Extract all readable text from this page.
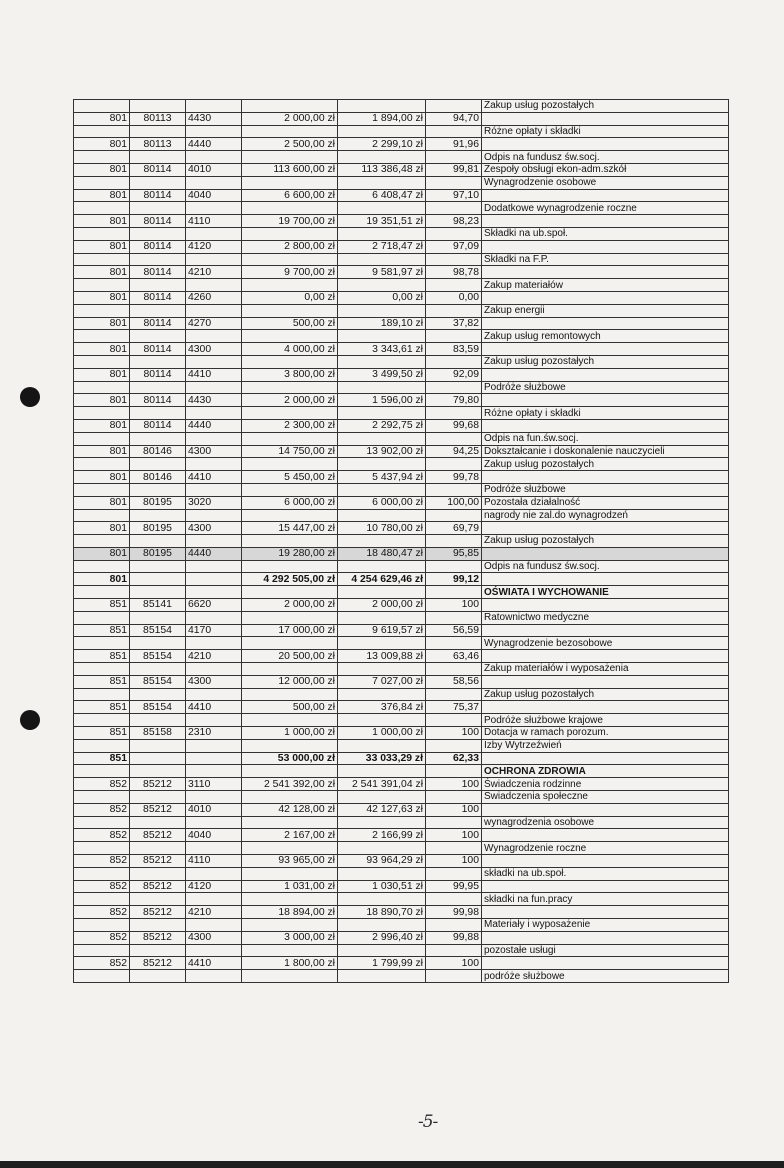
						Zakup usług pozostałych
801	80113	4430	2 000,00 zł	1 894,00 zł	94,70	
						Różne opłaty i składki
801	80113	4440	2 500,00 zł	2 299,10 zł	91,96	
						Odpis na fundusz św.socj.
801	80114	4010	113 600,00 zł	113 386,48 zł	99,81	Zespoły obsługi ekon-adm.szkół
						Wynagrodzenie osobowe
801	80114	4040	6 600,00 zł	6 408,47 zł	97,10	
						Dodatkowe wynagrodzenie roczne
801	80114	4110	19 700,00 zł	19 351,51 zł	98,23	
						Składki na ub.społ.
801	80114	4120	2 800,00 zł	2 718,47 zł	97,09	
						Składki na F.P.
801	80114	4210	9 700,00 zł	9 581,97 zł	98,78	
						Zakup materiałów
801	80114	4260	0,00 zł	0,00 zł	0,00	
						Zakup energii
801	80114	4270	500,00 zł	189,10 zł	37,82	
						Zakup usług remontowych
801	80114	4300	4 000,00 zł	3 343,61 zł	83,59	
						Zakup usług pozostałych
801	80114	4410	3 800,00 zł	3 499,50 zł	92,09	
						Podróże służbowe
801	80114	4430	2 000,00 zł	1 596,00 zł	79,80	
						Różne opłaty i składki
801	80114	4440	2 300,00 zł	2 292,75 zł	99,68	
						Odpis na fun.św.socj.
801	80146	4300	14 750,00 zł	13 902,00 zł	94,25	Dokształcanie i doskonalenie nauczycieli
						Zakup usług pozostałych
801	80146	4410	5 450,00 zł	5 437,94 zł	99,78	
						Podróże służbowe
801	80195	3020	6 000,00 zł	6 000,00 zł	100,00	Pozostała działalność
						nagrody nie zal.do wynagrodzeń
801	80195	4300	15 447,00 zł	10 780,00 zł	69,79	
						Zakup usług pozostałych
801	80195	4440	19 280,00 zł	18 480,47 zł	95,85	
						Odpis na fundusz św.socj.
801			4 292 505,00 zł	4 254 629,46 zł	99,12	
						OŚWIATA I WYCHOWANIE
851	85141	6620	2 000,00 zł	2 000,00 zł	100	
						Ratownictwo medyczne
851	85154	4170	17 000,00 zł	9 619,57 zł	56,59	
						Wynagrodzenie bezosobowe
851	85154	4210	20 500,00 zł	13 009,88 zł	63,46	
						Zakup materiałów i wyposażenia
851	85154	4300	12 000,00 zł	7 027,00 zł	58,56	
						Zakup usług pozostałych
851	85154	4410	500,00 zł	376,84 zł	75,37	
						Podróże służbowe krajowe
851	85158	2310	1 000,00 zł	1 000,00 zł	100	Dotacja w ramach porozum.
						Izby Wytrzeźwień
851			53 000,00 zł	33 033,29 zł	62,33	
						OCHRONA ZDROWIA
852	85212	3110	2 541 392,00 zł	2 541 391,04 zł	100	Świadczenia rodzinne
						Swiadczenia społeczne
852	85212	4010	42 128,00 zł	42 127,63 zł	100	
						wynagrodzenia osobowe
852	85212	4040	2 167,00 zł	2 166,99 zł	100	
						Wynagrodzenie roczne
852	85212	4110	93 965,00 zł	93 964,29 zł	100	
						składki na ub.społ.
852	85212	4120	1 031,00 zł	1 030,51 zł	99,95	
						składki na fun.pracy
852	85212	4210	18 894,00 zł	18 890,70 zł	99,98	
						Materiały i wyposażenie
852	85212	4300	3 000,00 zł	2 996,40 zł	99,88	
						pozostałe usługi
852	85212	4410	1 800,00 zł	1 799,99 zł	100	
						podróże służbowe
-5-
